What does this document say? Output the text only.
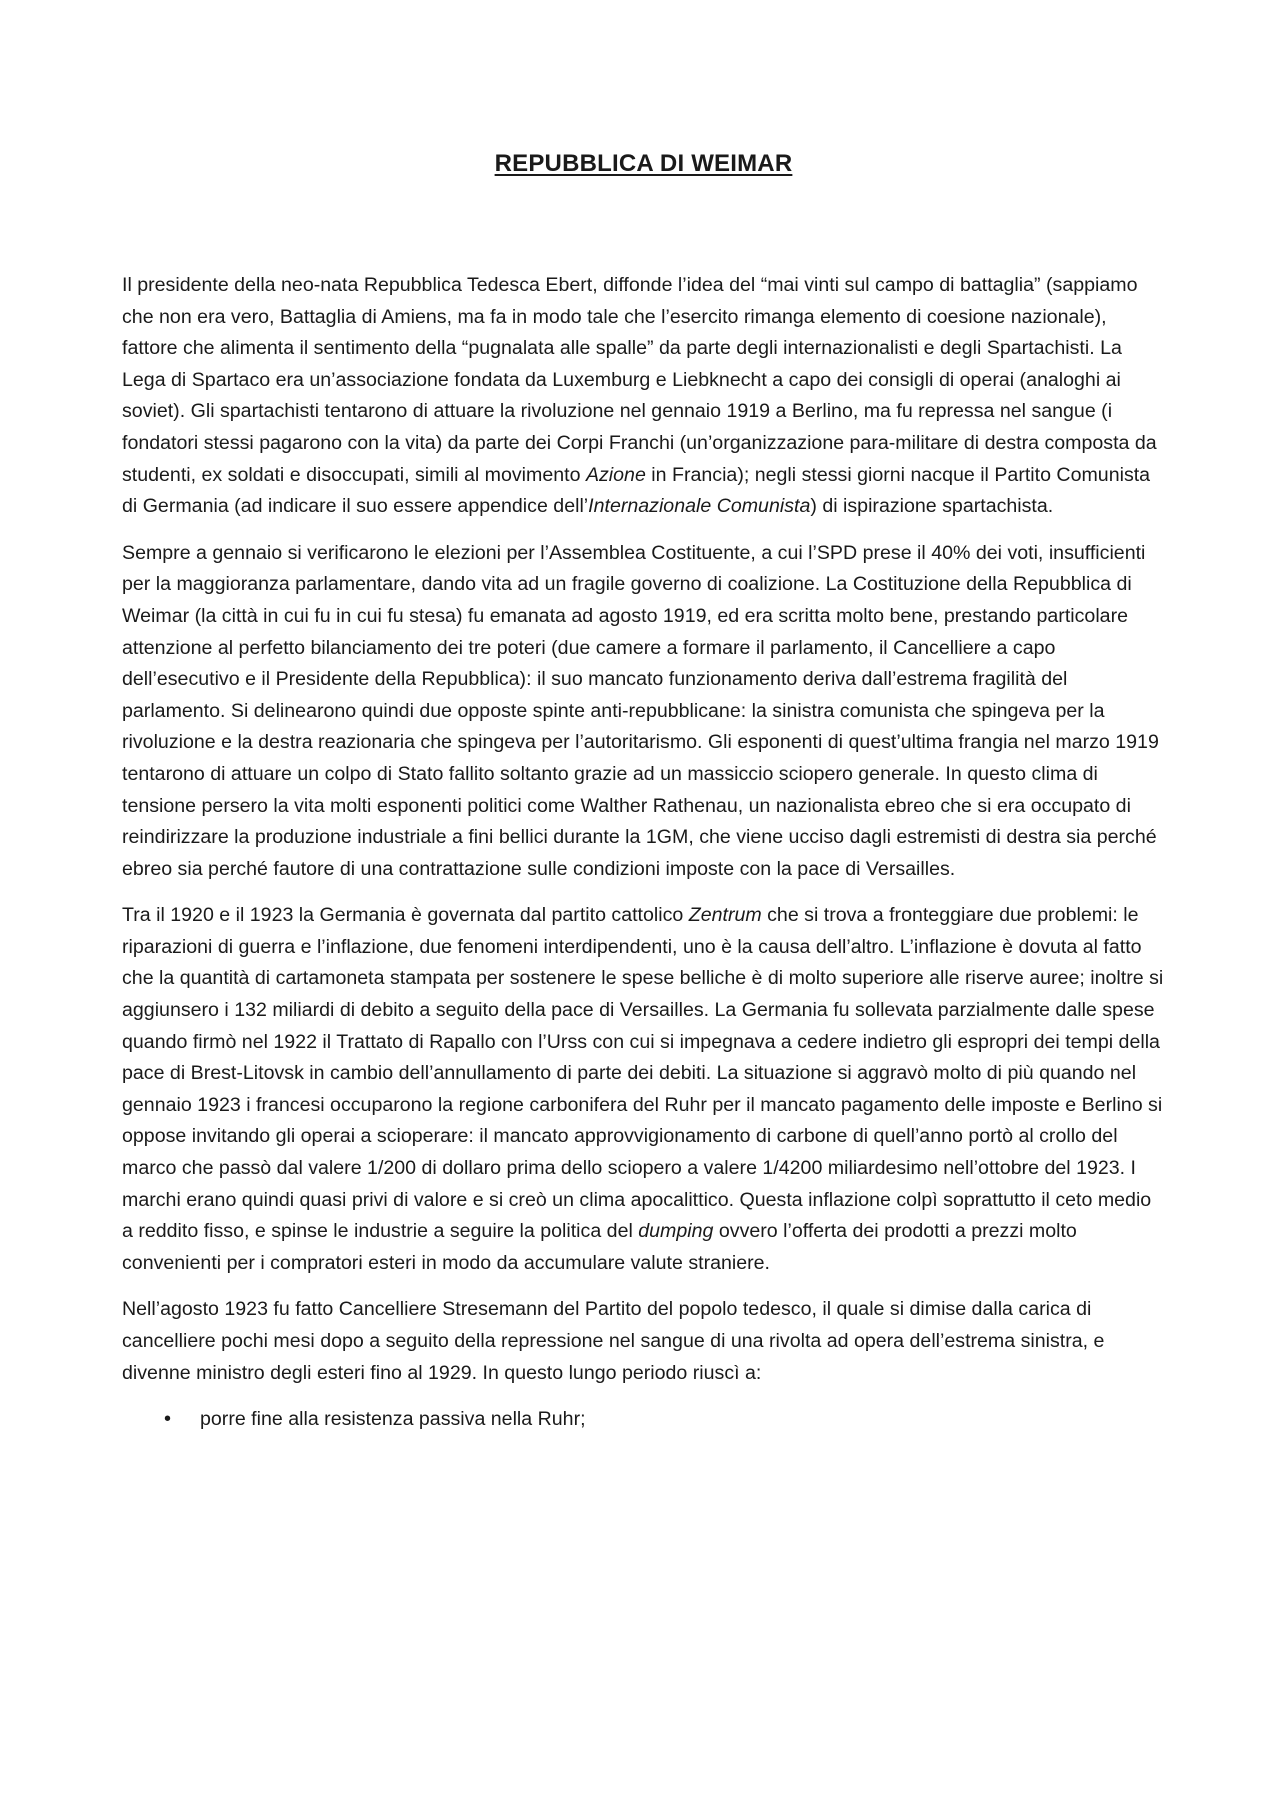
REPUBBLICA DI WEIMAR

Il presidente della neo-nata Repubblica Tedesca Ebert, diffonde l’idea del “mai vinti sul campo di battaglia” (sappiamo che non era vero, Battaglia di Amiens, ma fa in modo tale che l’esercito rimanga elemento di coesione nazionale), fattore che alimenta il sentimento della “pugnalata alle spalle” da parte degli internazionalisti e degli Spartachisti. La Lega di Spartaco era un’associazione fondata da Luxemburg e Liebknecht a capo dei consigli di operai (analoghi ai soviet). Gli spartachisti tentarono di attuare la rivoluzione nel gennaio 1919 a Berlino, ma fu repressa nel sangue (i fondatori stessi pagarono con la vita) da parte dei Corpi Franchi (un’organizzazione para-militare di destra composta da studenti, ex soldati e disoccupati, simili al movimento Azione in Francia); negli stessi giorni nacque il Partito Comunista di Germania (ad indicare il suo essere appendice dell’Internazionale Comunista) di ispirazione spartachista.

Sempre a gennaio si verificarono le elezioni per l’Assemblea Costituente, a cui l’SPD prese il 40% dei voti, insufficienti per la maggioranza parlamentare, dando vita ad un fragile governo di coalizione. La Costituzione della Repubblica di Weimar (la città in cui fu in cui fu stesa) fu emanata ad agosto 1919, ed era scritta molto bene, prestando particolare attenzione al perfetto bilanciamento dei tre poteri (due camere a formare il parlamento, il Cancelliere a capo dell’esecutivo e il Presidente della Repubblica): il suo mancato funzionamento deriva dall’estrema fragilità del parlamento. Si delinearono quindi due opposte spinte anti-repubblicane: la sinistra comunista che spingeva per la rivoluzione e la destra reazionaria che spingeva per l’autoritarismo. Gli esponenti di quest’ultima frangia nel marzo 1919 tentarono di attuare un colpo di Stato fallito soltanto grazie ad un massiccio sciopero generale. In questo clima di tensione persero la vita molti esponenti politici come Walther Rathenau, un nazionalista ebreo che si era occupato di reindirizzare la produzione industriale a fini bellici durante la 1GM, che viene ucciso dagli estremisti di destra sia perché ebreo sia perché fautore di una contrattazione sulle condizioni imposte con la pace di Versailles.

Tra il 1920 e il 1923 la Germania è governata dal partito cattolico Zentrum che si trova a fronteggiare due problemi: le riparazioni di guerra e l’inflazione, due fenomeni interdipendenti, uno è la causa dell’altro. L’inflazione è dovuta al fatto che la quantità di cartamoneta stampata per sostenere le spese belliche è di molto superiore alle riserve auree; inoltre si aggiunsero i 132 miliardi di debito a seguito della pace di Versailles. La Germania fu sollevata parzialmente dalle spese quando firmò nel 1922 il Trattato di Rapallo con l’Urss con cui si impegnava a cedere indietro gli espropri dei tempi della pace di Brest-Litovsk in cambio dell’annullamento di parte dei debiti. La situazione si aggravò molto di più quando nel gennaio 1923 i francesi occuparono la regione carbonifera del Ruhr per il mancato pagamento delle imposte e Berlino si oppose invitando gli operai a scioperare: il mancato approvvigionamento di carbone di quell’anno portò al crollo del marco che passò dal valere 1/200 di dollaro prima dello sciopero a valere 1/4200 miliardesimo nell’ottobre del 1923. I marchi erano quindi quasi privi di valore e si creò un clima apocalittico. Questa inflazione colpì soprattutto il ceto medio a reddito fisso, e spinse le industrie a seguire la politica del dumping ovvero l’offerta dei prodotti a prezzi molto convenienti per i compratori esteri in modo da accumulare valute straniere.

Nell’agosto 1923 fu fatto Cancelliere Stresemann del Partito del popolo tedesco, il quale si dimise dalla carica di cancelliere pochi mesi dopo a seguito della repressione nel sangue di una rivolta ad opera dell’estrema sinistra, e divenne ministro degli esteri fino al 1929. In questo lungo periodo riuscì a:

• porre fine alla resistenza passiva nella Ruhr;
